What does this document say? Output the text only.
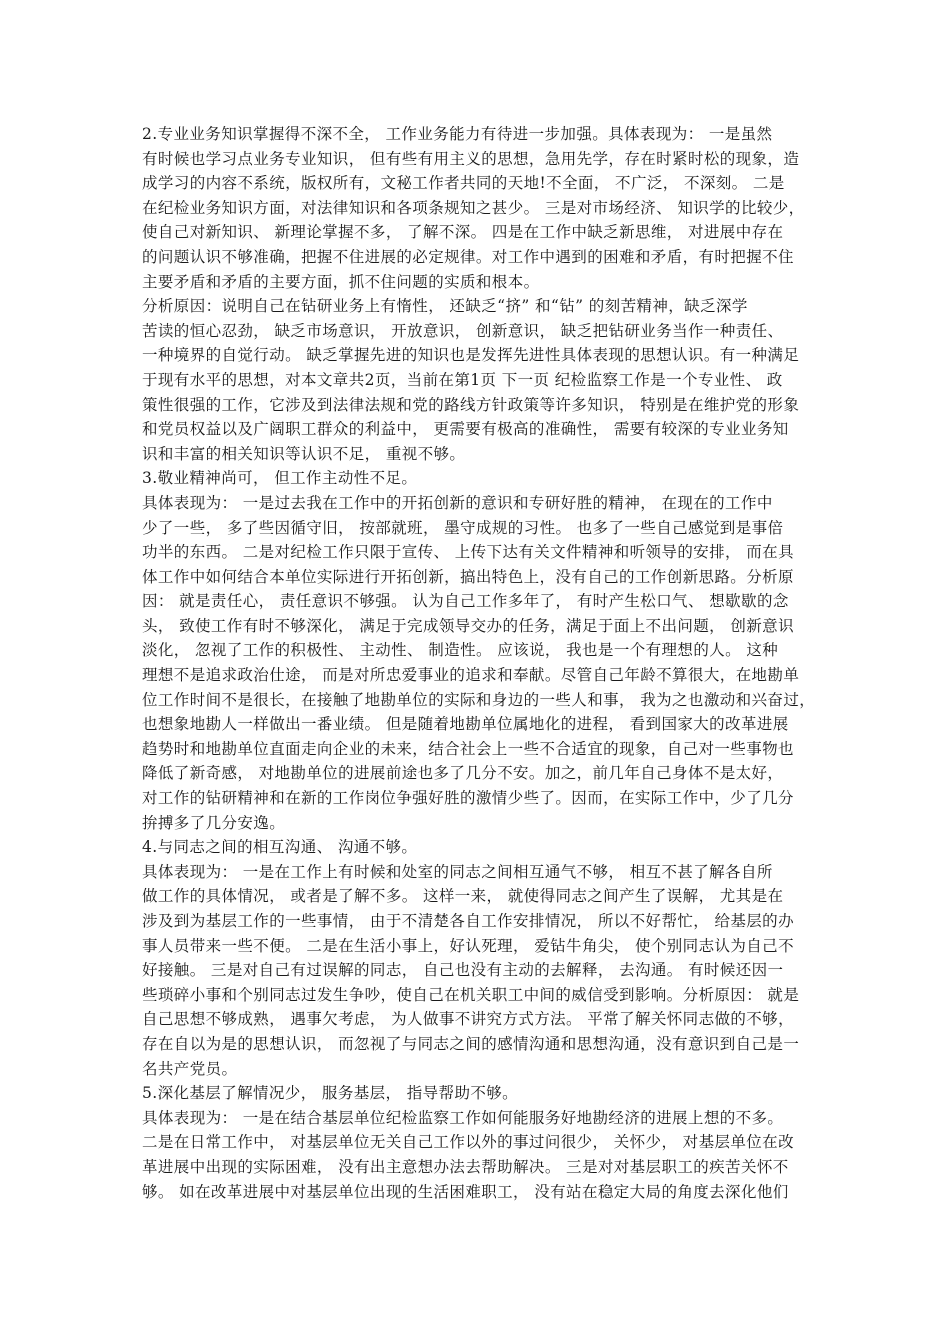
2.专业业务知识掌握得不深不全， 工作业务能力有待进一步加强。具体表现为： 一是虽然
有时候也学习点业务专业知识， 但有些有用主义的思想，急用先学，存在时紧时松的现象，造
成学习的内容不系统，版权所有，文秘工作者共同的天地!不全面， 不广泛， 不深刻。 二是
在纪检业务知识方面，对法律知识和各项条规知之甚少。 三是对市场经济、 知识学的比较少，
使自己对新知识、 新理论掌握不多， 了解不深。 四是在工作中缺乏新思维， 对进展中存在
的问题认识不够准确，把握不住进展的必定规律。对工作中遇到的困难和矛盾，有时把握不住
主要矛盾和矛盾的主要方面，抓不住问题的实质和根本。
分析原因：说明自己在钻研业务上有惰性， 还缺乏“挤” 和“钻” 的刻苦精神，缺乏深学
苦读的恒心忍劲， 缺乏市场意识， 开放意识， 创新意识， 缺乏把钻研业务当作一种责任、
一种境界的自觉行动。 缺乏掌握先进的知识也是发挥先进性具体表现的思想认识。有一种满足
于现有水平的思想，对本文章共2页，当前在第1页 下一页 纪检监察工作是一个专业性、 政
策性很强的工作，它涉及到法律法规和党的路线方针政策等许多知识， 特别是在维护党的形象
和党员权益以及广阔职工群众的利益中， 更需要有极高的准确性， 需要有较深的专业业务知
识和丰富的相关知识等认识不足， 重视不够。
3.敬业精神尚可， 但工作主动性不足。
具体表现为： 一是过去我在工作中的开拓创新的意识和专研好胜的精神， 在现在的工作中
少了一些， 多了些因循守旧， 按部就班， 墨守成规的习性。 也多了一些自己感觉到是事倍
功半的东西。 二是对纪检工作只限于宣传、 上传下达有关文件精神和听领导的安排， 而在具
体工作中如何结合本单位实际进行开拓创新，搞出特色上，没有自己的工作创新思路。分析原
因： 就是责任心， 责任意识不够强。 认为自己工作多年了， 有时产生松口气、 想歇歇的念
头， 致使工作有时不够深化， 满足于完成领导交办的任务，满足于面上不出问题， 创新意识
淡化， 忽视了工作的积极性、 主动性、 制造性。 应该说， 我也是一个有理想的人。 这种
理想不是追求政治仕途， 而是对所忠爱事业的追求和奉献。尽管自己年龄不算很大，在地勘单
位工作时间不是很长，在接触了地勘单位的实际和身边的一些人和事， 我为之也激动和兴奋过，
也想象地勘人一样做出一番业绩。 但是随着地勘单位属地化的进程， 看到国家大的改革进展
趋势时和地勘单位直面走向企业的未来，结合社会上一些不合适宜的现象，自己对一些事物也
降低了新奇感， 对地勘单位的进展前途也多了几分不安。加之，前几年自己身体不是太好，
对工作的钻研精神和在新的工作岗位争强好胜的激情少些了。因而，在实际工作中，少了几分
拚搏多了几分安逸。
4.与同志之间的相互沟通、 沟通不够。
具体表现为： 一是在工作上有时候和处室的同志之间相互通气不够， 相互不甚了解各自所
做工作的具体情况， 或者是了解不多。 这样一来， 就使得同志之间产生了误解， 尤其是在
涉及到为基层工作的一些事情， 由于不清楚各自工作安排情况， 所以不好帮忙， 给基层的办
事人员带来一些不便。 二是在生活小事上，好认死理， 爱钻牛角尖， 使个别同志认为自己不
好接触。 三是对自己有过误解的同志， 自己也没有主动的去解释， 去沟通。 有时候还因一
些琐碎小事和个别同志过发生争吵，使自己在机关职工中间的威信受到影响。分析原因： 就是
自己思想不够成熟， 遇事欠考虑， 为人做事不讲究方式方法。 平常了解关怀同志做的不够，
存在自以为是的思想认识， 而忽视了与同志之间的感情沟通和思想沟通，没有意识到自己是一
名共产党员。
5.深化基层了解情况少， 服务基层， 指导帮助不够。
具体表现为： 一是在结合基层单位纪检监察工作如何能服务好地勘经济的进展上想的不多。
二是在日常工作中， 对基层单位无关自己工作以外的事过问很少， 关怀少， 对基层单位在改
革进展中出现的实际困难， 没有出主意想办法去帮助解决。 三是对对基层职工的疾苦关怀不
够。 如在改革进展中对基层单位出现的生活困难职工， 没有站在稳定大局的角度去深化他们
